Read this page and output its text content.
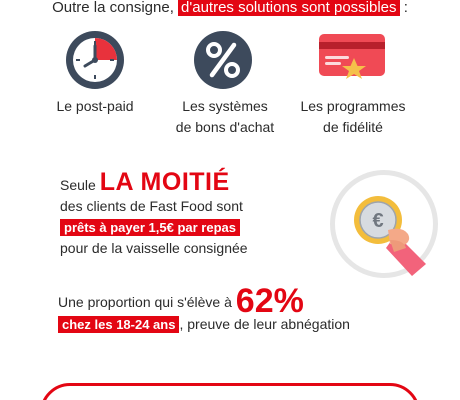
Outre la consigne, d'autres solutions sont possibles :
Le post-paid	Les systèmes
de bons d'achat
Les programmes
de fidélité
Seule LA MOITIÉ
des clients de Fast Food sont
prêts à payer 1,5€ par repas
pour de la vaisselle consignée
€
Une proportion qui s'élève à 62%
chez les 18-24 ans , preuve de leur abnégation
